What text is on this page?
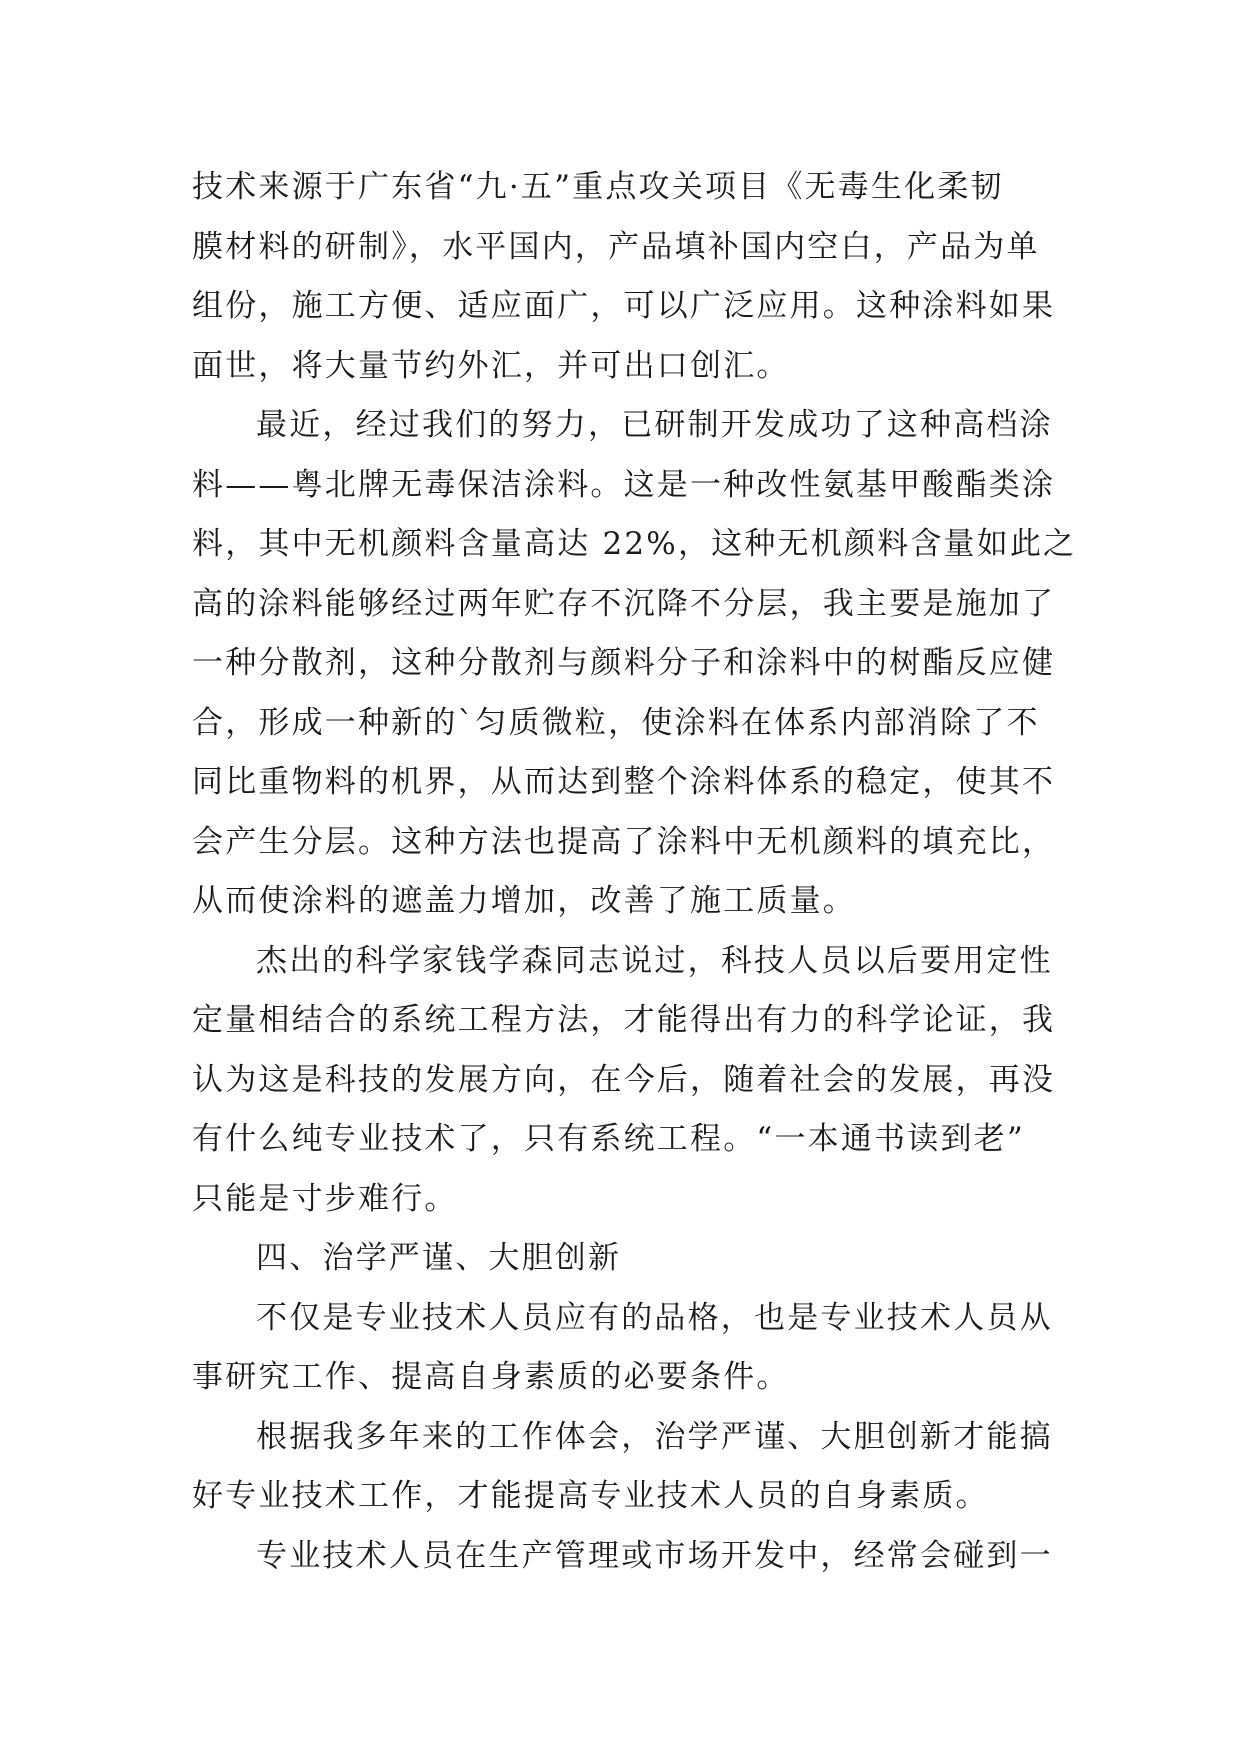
技术来源于广东省“九·五”重点攻关项目《无毒生化柔韧
膜材料的研制》，水平国内，产品填补国内空白，产品为单
组份，施工方便、适应面广，可以广泛应用。这种涂料如果
面世，将大量节约外汇，并可出口创汇。
最近，经过我们的努力，已研制开发成功了这种高档涂
料——粤北牌无毒保洁涂料。这是一种改性氨基甲酸酯类涂
料，其中无机颜料含量高达 22%，这种无机颜料含量如此之
高的涂料能够经过两年贮存不沉降不分层，我主要是施加了
一种分散剂，这种分散剂与颜料分子和涂料中的树酯反应健
合，形成一种新的`匀质微粒，使涂料在体系内部消除了不
同比重物料的机界，从而达到整个涂料体系的稳定，使其不
会产生分层。这种方法也提高了涂料中无机颜料的填充比，
从而使涂料的遮盖力增加，改善了施工质量。
杰出的科学家钱学森同志说过，科技人员以后要用定性
定量相结合的系统工程方法，才能得出有力的科学论证，我
认为这是科技的发展方向，在今后，随着社会的发展，再没
有什么纯专业技术了，只有系统工程。“一本通书读到老”
只能是寸步难行。
四、治学严谨、大胆创新
不仅是专业技术人员应有的品格，也是专业技术人员从
事研究工作、提高自身素质的必要条件。
根据我多年来的工作体会，治学严谨、大胆创新才能搞
好专业技术工作，才能提高专业技术人员的自身素质。
专业技术人员在生产管理或市场开发中，经常会碰到一
